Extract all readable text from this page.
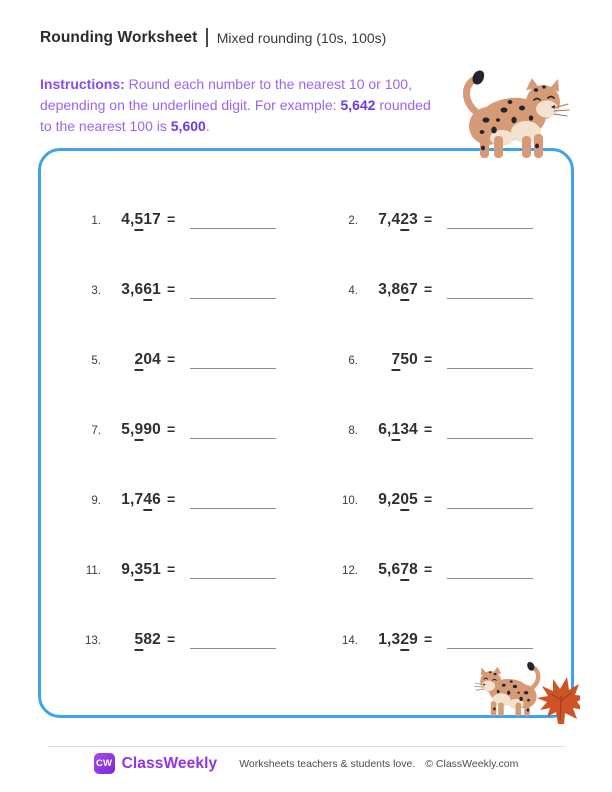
Rounding Worksheet Mixed rounding (10s, 100s)

Instructions: Round each number to the nearest 10 or 100, depending on the underlined digit. For example: 5,642 rounded to the nearest 100 is 5,600.

1.	4,517 =	2.	7,423 =
3.	3,661 =	4.	3,867 =
5.	204 =	6.	750 =
7.	5,990 =	8.	6,134 =
9.	1,746 =	10.	9,205 =
11.	9,351 =	12.	5,678 =
13.	582 =	14.	1,329 =
CW ClassWeekly Worksheets teachers & students love. © ClassWeekly.com
